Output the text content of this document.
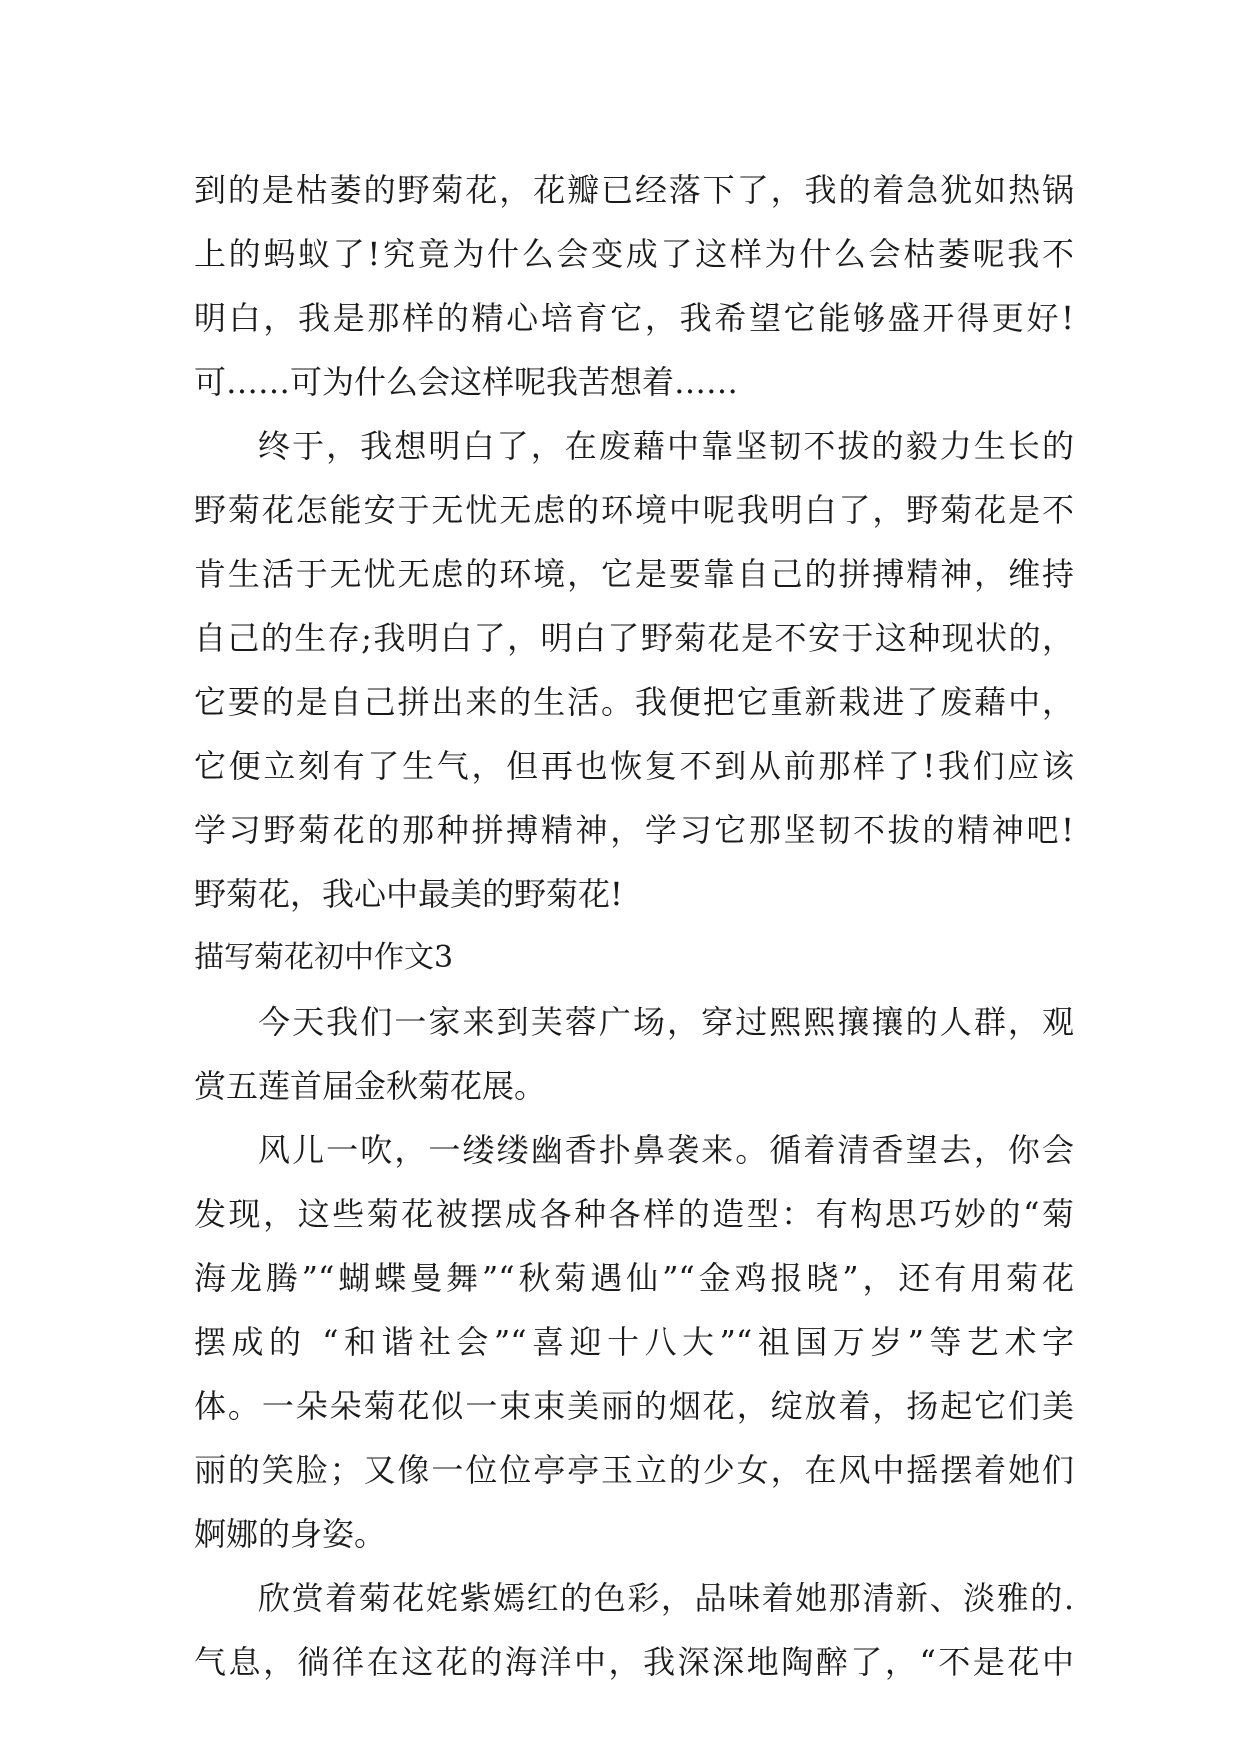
到的是枯萎的野菊花，花瓣已经落下了，我的着急犹如热锅
上的蚂蚁了!究竟为什么会变成了这样为什么会枯萎呢我不
明白，我是那样的精心培育它，我希望它能够盛开得更好!
可……可为什么会这样呢我苦想着……
终于，我想明白了，在废藉中靠坚韧不拔的毅力生长的
野菊花怎能安于无忧无虑的环境中呢我明白了，野菊花是不
肯生活于无忧无虑的环境，它是要靠自己的拼搏精神，维持
自己的生存;我明白了，明白了野菊花是不安于这种现状的，
它要的是自己拼出来的生活。我便把它重新栽进了废藉中，
它便立刻有了生气，但再也恢复不到从前那样了!我们应该
学习野菊花的那种拼搏精神，学习它那坚韧不拔的精神吧!
野菊花，我心中最美的野菊花!
描写菊花初中作文3
今天我们一家来到芙蓉广场，穿过熙熙攘攘的人群，观
赏五莲首届金秋菊花展。
风儿一吹，一缕缕幽香扑鼻袭来。循着清香望去，你会
发现，这些菊花被摆成各种各样的造型：有构思巧妙的“菊
海龙腾”“蝴蝶曼舞”“秋菊遇仙”“金鸡报晓”，还有用菊花
摆成的 “和谐社会”“喜迎十八大”“祖国万岁”等艺术字
体。一朵朵菊花似一束束美丽的烟花，绽放着，扬起它们美
丽的笑脸；又像一位位亭亭玉立的少女，在风中摇摆着她们
婀娜的身姿。
欣赏着菊花姹紫嫣红的色彩，品味着她那清新、淡雅的.
气息，徜徉在这花的海洋中，我深深地陶醉了，“不是花中
